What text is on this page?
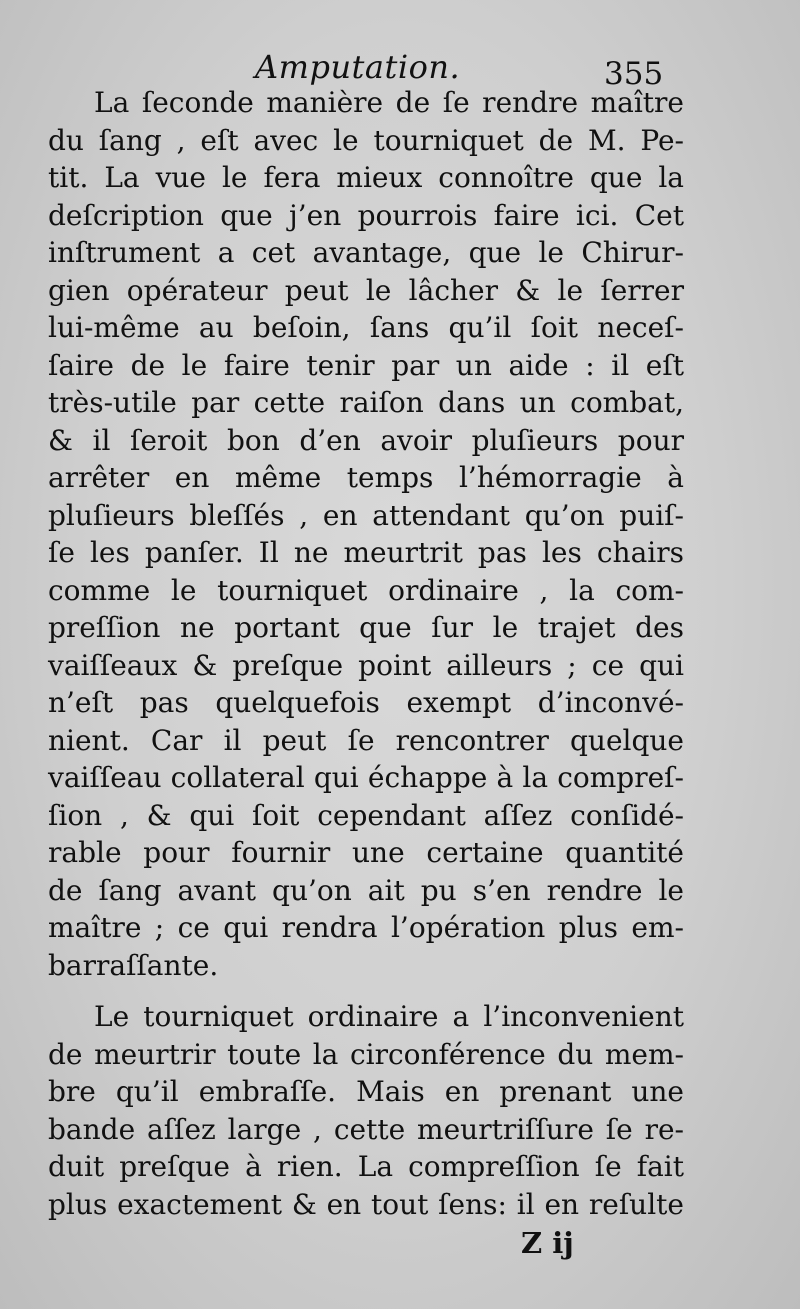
Amputation.	355
La ſeconde manière de ſe rendre maître
du ſang , eſt avec le tourniquet de M. Pe-
tit. La vue le fera mieux connoître que la
deſcription que j’en pourrois faire ici. Cet
inſtrument a cet avantage, que le Chirur-
gien opérateur peut le lâcher & le ſerrer
lui-même au beſoin, ſans qu’il ſoit neceſ-
ſaire de le faire tenir par un aide : il eſt
très-utile par cette raiſon dans un combat,
& il ſeroit bon d’en avoir pluſieurs pour
arrêter en même temps l’hémorragie à
pluſieurs bleſſés , en attendant qu’on puiſ-
ſe les panſer. Il ne meurtrit pas les chairs
comme le tourniquet ordinaire , la com-
preſſion ne portant que ſur le trajet des
vaiſſeaux & preſque point ailleurs ; ce qui
n’eſt pas quelquefois exempt d’inconvé-
nient. Car il peut ſe rencontrer quelque
vaiſſeau collateral qui échappe à la compreſ-
ſion , & qui ſoit cependant aſſez conſidé-
rable pour fournir une certaine quantité
de ſang avant qu’on ait pu s’en rendre le
maître ; ce qui rendra l’opération plus em-
barraſſante.
Le tourniquet ordinaire a l’inconvenient
de meurtrir toute la circonférence du mem-
bre qu’il embraſſe. Mais en prenant une
bande aſſez large , cette meurtriſſure ſe re-
duit preſque à rien. La compreſſion ſe fait
plus exactement & en tout ſens: il en reſulte
Z ij
